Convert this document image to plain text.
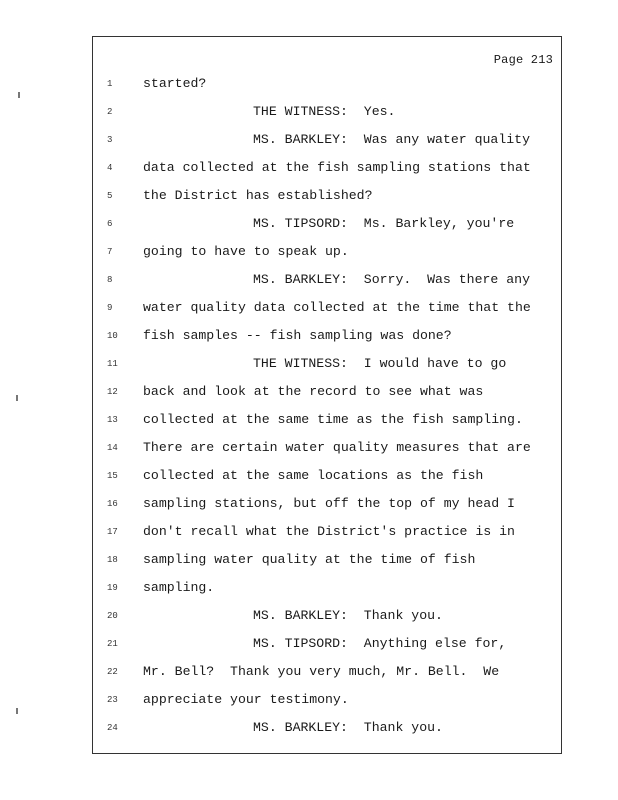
Page 213
1	started?
2	THE WITNESS:  Yes.
3	MS. BARKLEY:  Was any water quality
4	data collected at the fish sampling stations that
5	the District has established?
6	MS. TIPSORD:  Ms. Barkley, you're
7	going to have to speak up.
8	MS. BARKLEY:  Sorry.  Was there any
9	water quality data collected at the time that the
10	fish samples -- fish sampling was done?
11	THE WITNESS:  I would have to go
12	back and look at the record to see what was
13	collected at the same time as the fish sampling.
14	There are certain water quality measures that are
15	collected at the same locations as the fish
16	sampling stations, but off the top of my head I
17	don't recall what the District's practice is in
18	sampling water quality at the time of fish
19	sampling.
20	MS. BARKLEY:  Thank you.
21	MS. TIPSORD:  Anything else for,
22	Mr. Bell?  Thank you very much, Mr. Bell.  We
23	appreciate your testimony.
24	MS. BARKLEY:  Thank you.
